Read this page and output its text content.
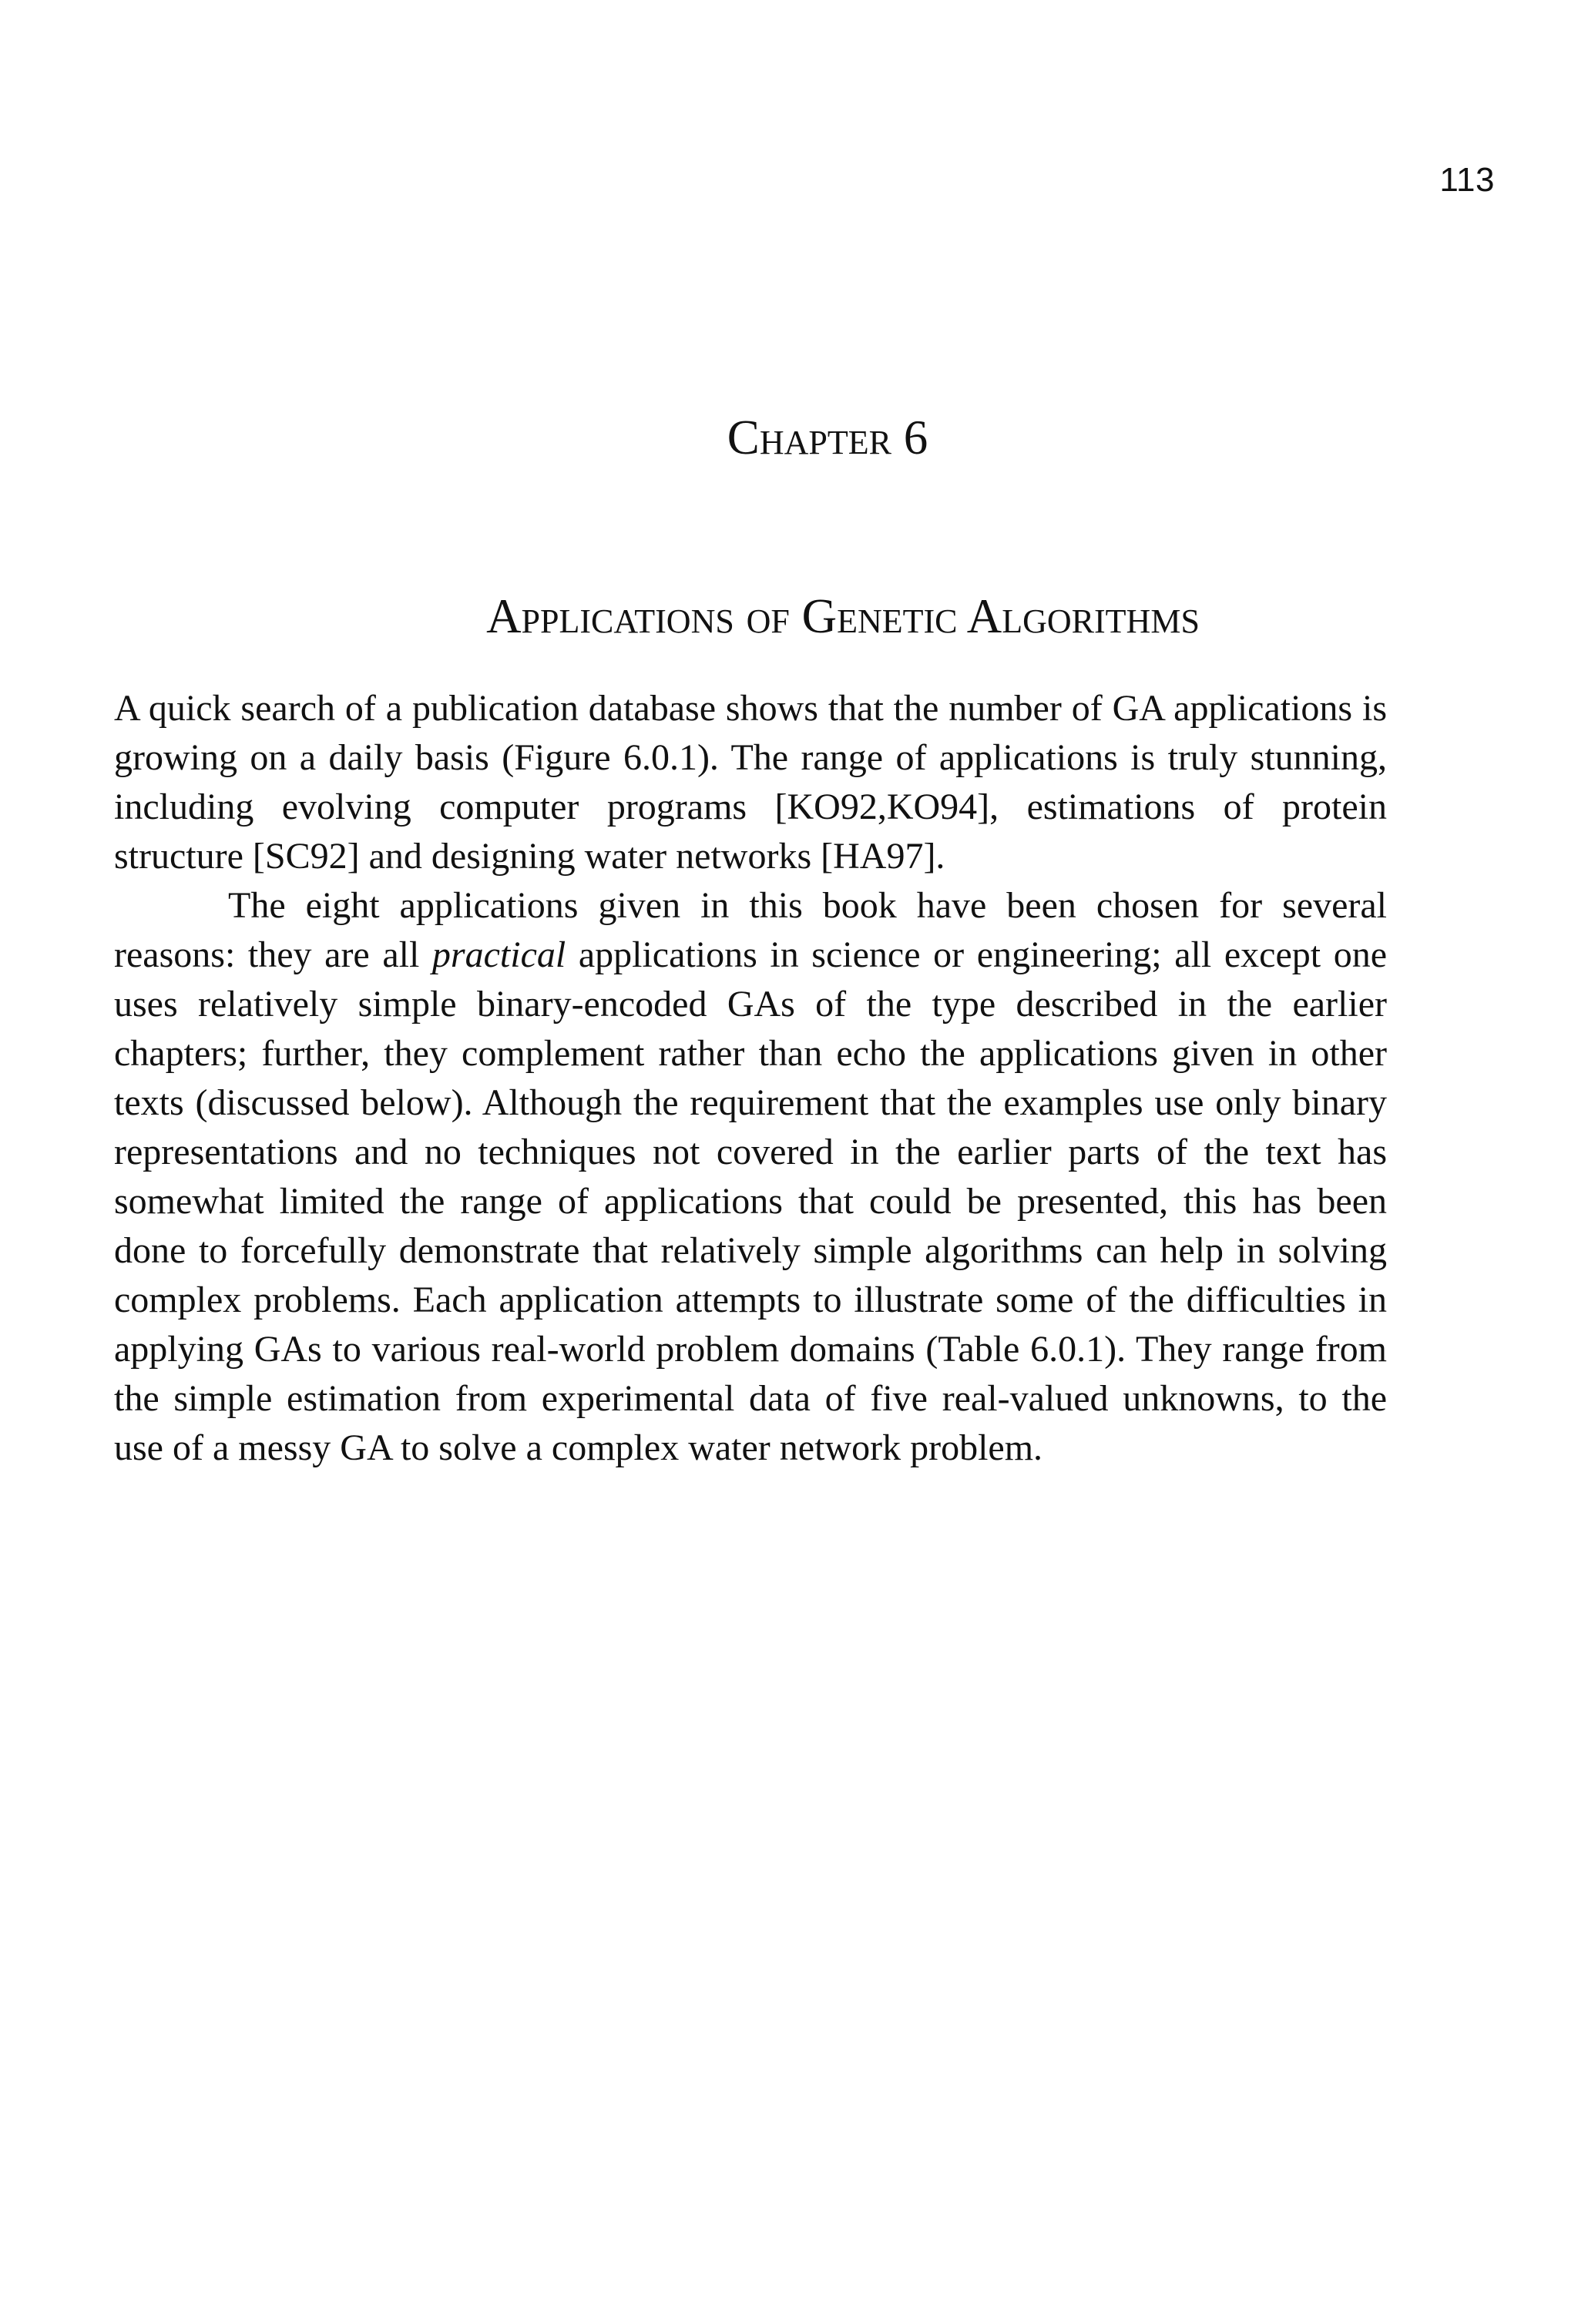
113
Chapter 6
Applications of Genetic Algorithms

A quick search of a publication database shows that the number of GA applications is growing on a daily basis (Figure 6.0.1). The range of applications is truly stunning, including evolving computer programs [KO92,KO94], estimations of protein structure [SC92] and designing water networks [HA97].

The eight applications given in this book have been chosen for several reasons: they are all practical applications in science or engineering; all except one uses relatively simple binary-encoded GAs of the type described in the earlier chapters; further, they complement rather than echo the applications given in other texts (discussed below). Although the requirement that the examples use only binary representations and no techniques not covered in the earlier parts of the text has somewhat limited the range of applications that could be presented, this has been done to forcefully demonstrate that relatively simple algorithms can help in solving complex problems. Each application attempts to illustrate some of the difficulties in applying GAs to various real-world problem domains (Table 6.0.1). They range from the simple estimation from experimental data of five real-valued unknowns, to the use of a messy GA to solve a complex water network problem.
